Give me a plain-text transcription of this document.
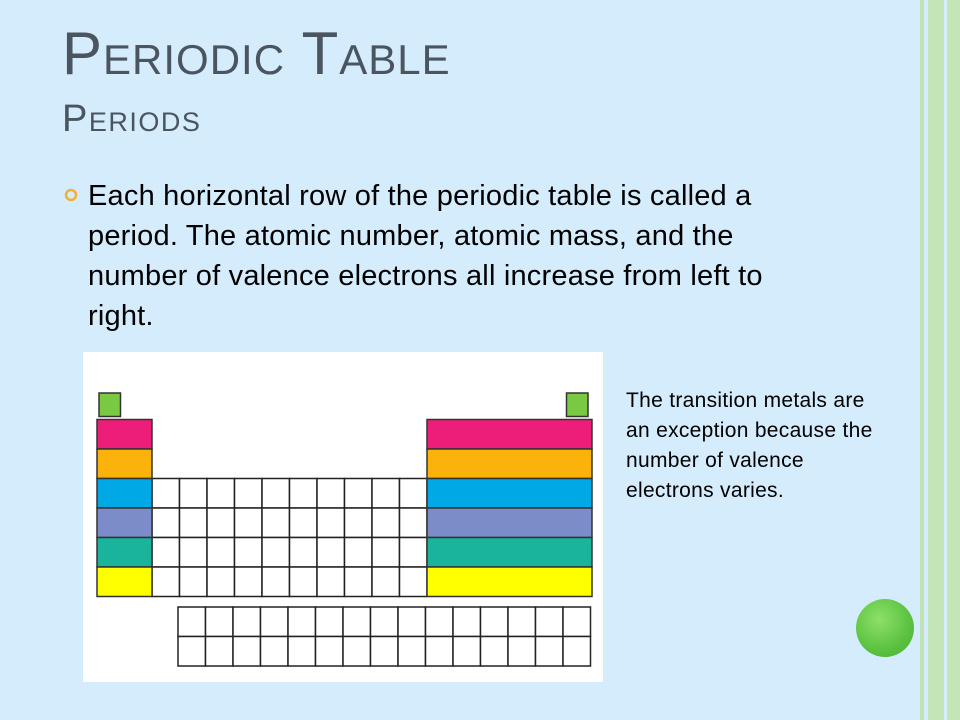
Periodic Table
Periods

Each horizontal row of the periodic table is called a period. The atomic number, atomic mass, and the number of valence electrons all increase from left to right.

The transition metals are an exception because the number of valence electrons varies.
